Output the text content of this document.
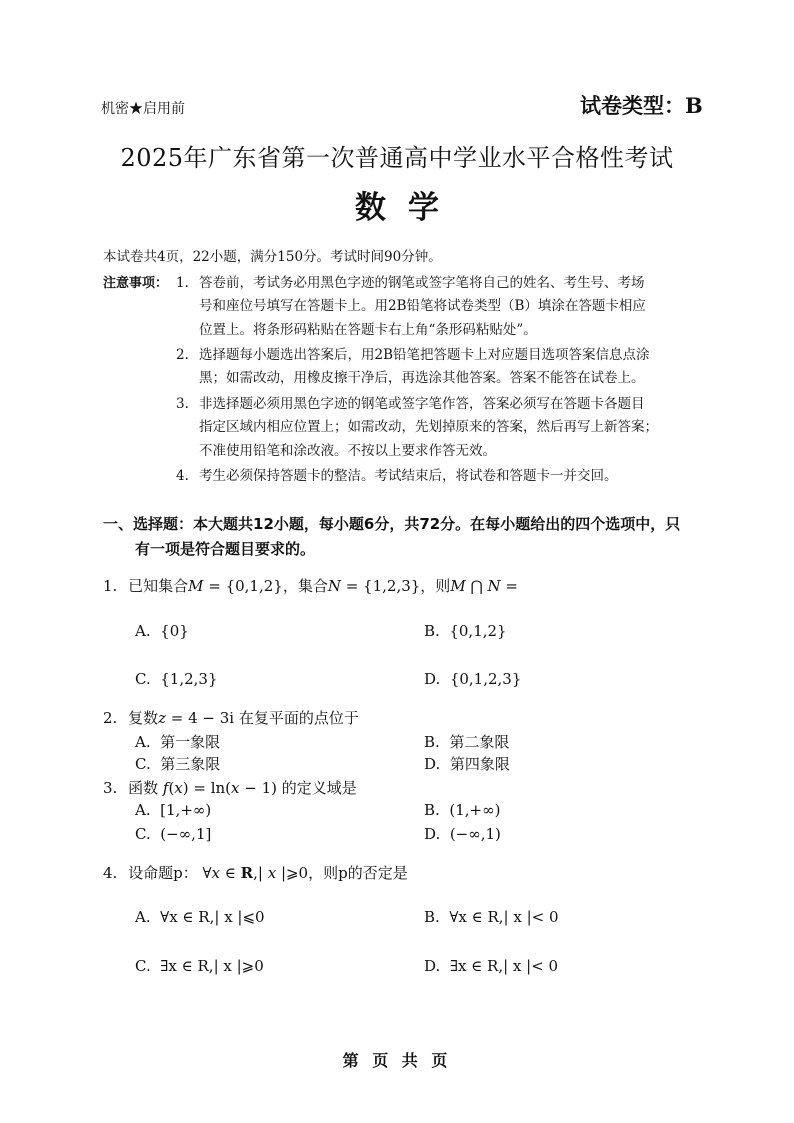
机密★启用前	试卷类型：B
2025年广东省第一次普通高中学业水平合格性考试
数学
本试卷共4页，22小题，满分150分。考试时间90分钟。
注意事项： 1. 答卷前，考试务必用黑色字迹的钢笔或签字笔将自己的姓名、考生号、考场
号和座位号填写在答题卡上。用2B铅笔将试卷类型（B）填涂在答题卡相应
位置上。将条形码粘贴在答题卡右上角“条形码粘贴处”。
2. 选择题每小题选出答案后，用2B铅笔把答题卡上对应题目选项答案信息点涂
黑；如需改动，用橡皮擦干净后，再选涂其他答案。答案不能答在试卷上。
3. 非选择题必须用黑色字迹的钢笔或签字笔作答，答案必须写在答题卡各题目
指定区域内相应位置上；如需改动，先划掉原来的答案，然后再写上新答案；
不准使用铅笔和涂改液。不按以上要求作答无效。
4. 考生必须保持答题卡的整洁。考试结束后，将试卷和答题卡一并交回。
一、选择题：本大题共12小题，每小题6分，共72分。在每小题给出的四个选项中，只
有一项是符合题目要求的。
1. 已知集合M = {0,1,2}，集合N = {1,2,3}，则M ⋂ N =
A. {0}	B. {0,1,2}
C. {1,2,3}	D. {0,1,2,3}
2. 复数z = 4 − 3i 在复平面的点位于
A. 第一象限	B. 第二象限
C. 第三象限	D. 第四象限
3. 函数 f(x) = ln(x − 1) 的定义域是
A. [1,+∞)	B. (1,+∞)
C. (−∞,1]	D. (−∞,1)
4. 设命题p： ∀x ∈ R,| x |⩾0，则p的否定是
A. ∀x ∈ R,| x |⩽0	B. ∀x ∈ R,| x |< 0
C. ∃x ∈ R,| x |⩾0	D. ∃x ∈ R,| x |< 0
第 页 共 页
